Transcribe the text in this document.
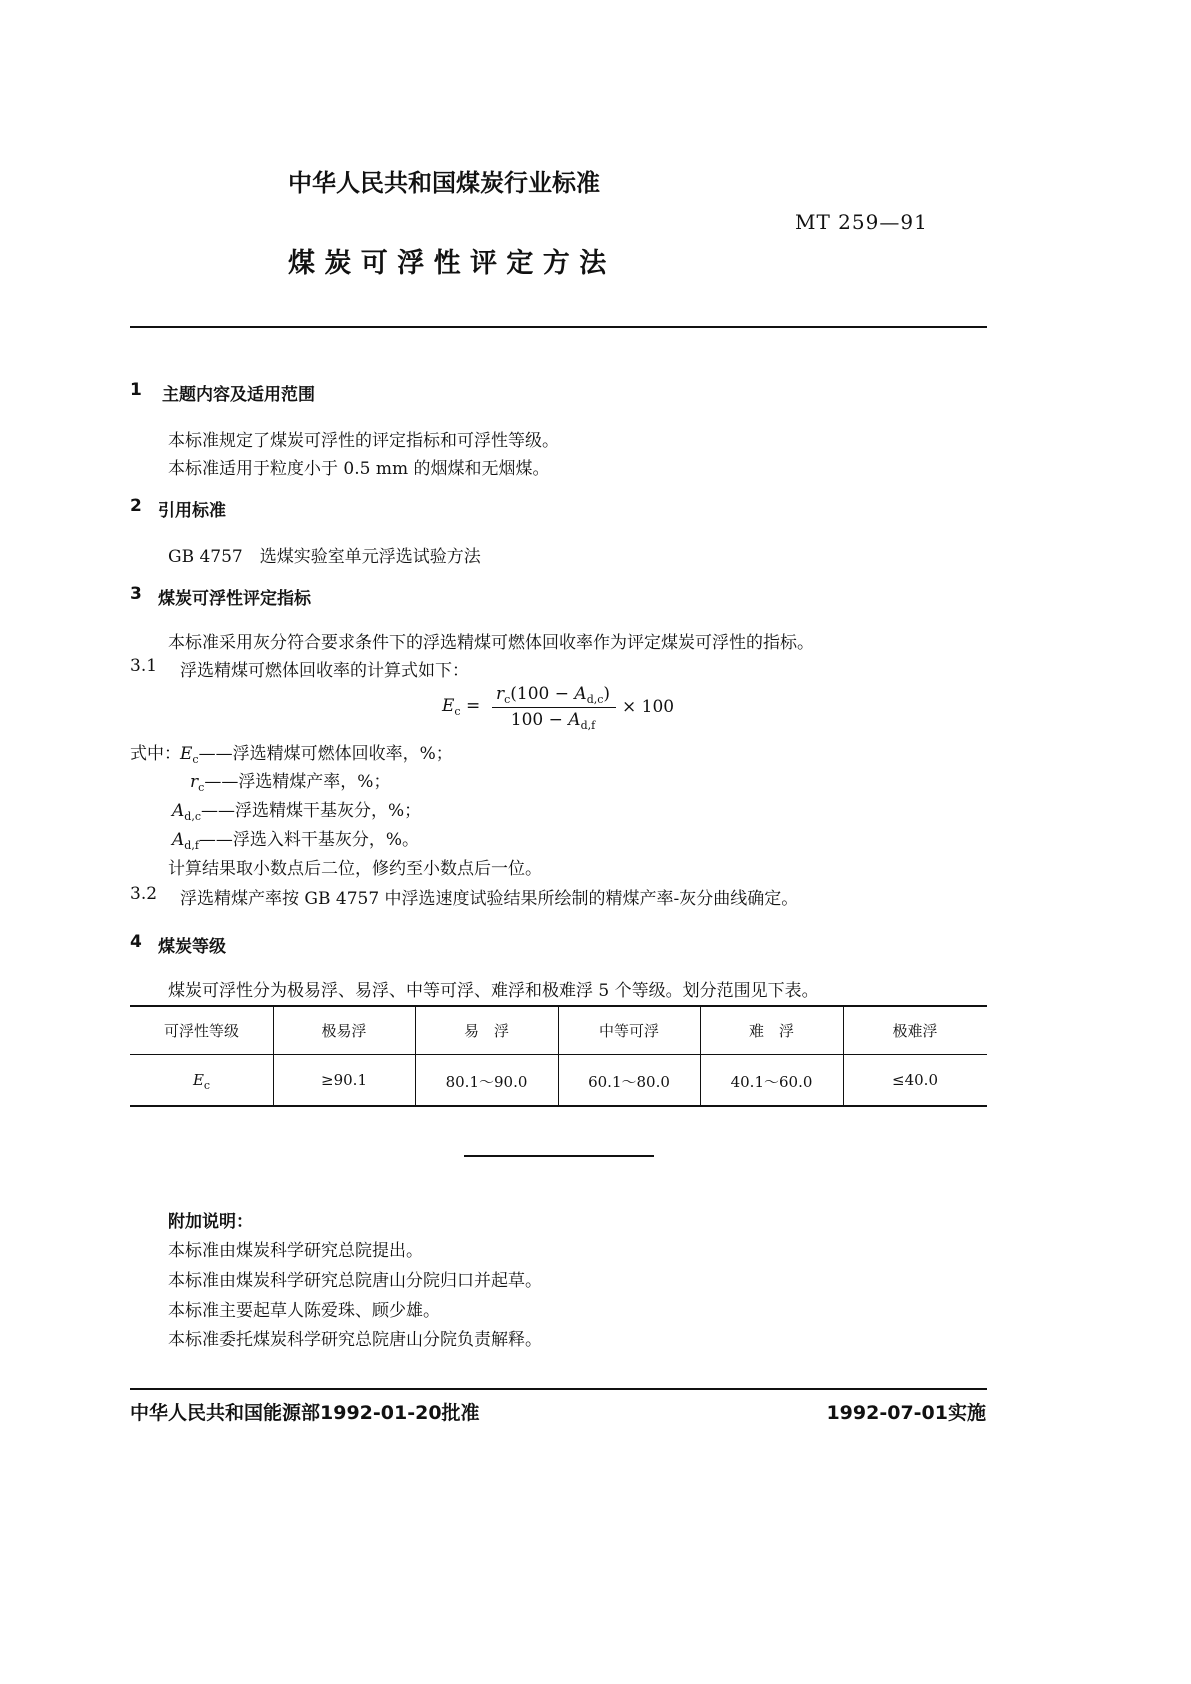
中华人民共和国煤炭行业标准
MT 259—91
煤 炭 可 浮 性 评 定 方 法
1 主题内容及适用范围
本标准规定了煤炭可浮性的评定指标和可浮性等级。
本标准适用于粒度小于 0.5 mm 的烟煤和无烟煤。
2 引用标准
GB 4757　选煤实验室单元浮选试验方法
3 煤炭可浮性评定指标
本标准采用灰分符合要求条件下的浮选精煤可燃体回收率作为评定煤炭可浮性的指标。
3.1 浮选精煤可燃体回收率的计算式如下：
$E_c$ =
$r_c(100 - A_{d,c})$
$100 - A_{d,f}$
× 100
式中： $E_c——$浮选精煤可燃体回收率，%；
$r_c——$浮选精煤产率，%；
$A_{d,c}——$浮选精煤干基灰分，%；
$A_{d,f}——$浮选入料干基灰分，%。
计算结果取小数点后二位，修约至小数点后一位。
3.2 浮选精煤产率按 GB 4757 中浮选速度试验结果所绘制的精煤产率-灰分曲线确定。
4 煤炭等级
煤炭可浮性分为极易浮、易浮、中等可浮、难浮和极难浮 5 个等级。划分范围见下表。
可浮性等级	极易浮	易　浮	中等可浮	难　浮	极难浮
$E_c$	≥90.1	80.1～90.0	60.1～80.0	40.1～60.0	≤40.0
附加说明：
本标准由煤炭科学研究总院提出。
本标准由煤炭科学研究总院唐山分院归口并起草。
本标准主要起草人陈爱珠、顾少雄。
本标准委托煤炭科学研究总院唐山分院负责解释。
中华人民共和国能源部1992-01-20批准	1992-07-01实施
